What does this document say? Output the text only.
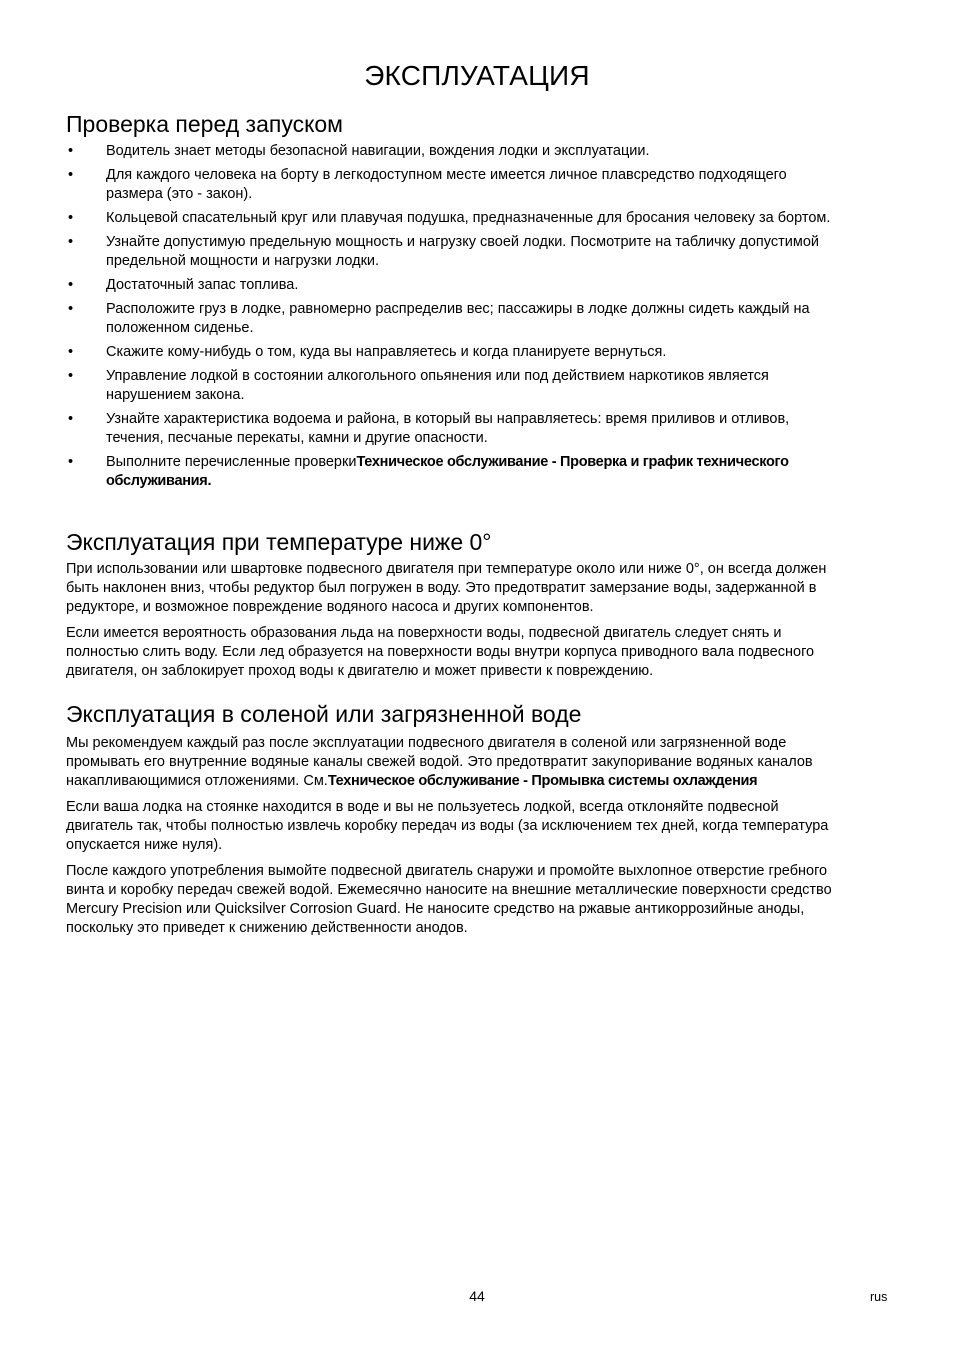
ЭКСПЛУАТАЦИЯ
Проверка перед запуском
• Водитель знает методы безопасной навигации, вождения лодки и эксплуатации.
• Для каждого человека на борту в легкодоступном месте имеется личное плавсредство подходящего размера (это - закон).
• Кольцевой спасательный круг или плавучая подушка, предназначенные для бросания человеку за бортом.
• Узнайте допустимую предельную мощность и нагрузку своей лодки. Посмотрите на табличку допустимой предельной мощности и нагрузки лодки.
• Достаточный запас топлива.
• Расположите груз в лодке, равномерно распределив вес; пассажиры в лодке должны сидеть каждый на положенном сиденье.
• Скажите кому-нибудь о том, куда вы направляетесь и когда планируете вернуться.
• Управление лодкой в состоянии алкогольного опьянения или под действием наркотиков является нарушением закона.
• Узнайте характеристика водоема и района, в который вы направляетесь: время приливов и отливов, течения, песчаные перекаты, камни и другие опасности.
• Выполните перечисленные проверкиТехническое обслуживание - Проверка и график технического обслуживания.
Эксплуатация при температуре ниже 0°

При использовании или швартовке подвесного двигателя при температуре около или ниже 0°, он всегда должен быть наклонен вниз, чтобы редуктор был погружен в воду. Это предотвратит замерзание воды, задержанной в редукторе, и возможное повреждение водяного насоса и других компонентов.

Если имеется вероятность образования льда на поверхности воды, подвесной двигатель следует снять и полностью слить воду. Если лед образуется на поверхности воды внутри корпуса приводного вала подвесного двигателя, он заблокирует проход воды к двигателю и может привести к повреждению.

Эксплуатация в соленой или загрязненной воде

Мы рекомендуем каждый раз после эксплуатации подвесного двигателя в соленой или загрязненной воде промывать его внутренние водяные каналы свежей водой. Это предотвратит закупоривание водяных каналов накапливающимися отложениями. См.Техническое обслуживание - Промывка системы охлаждения

Если ваша лодка на стоянке находится в воде и вы не пользуетесь лодкой, всегда отклоняйте подвесной двигатель так, чтобы полностью извлечь коробку передач из воды (за исключением тех дней, когда температура опускается ниже нуля).

После каждого употребления вымойте подвесной двигатель снаружи и промойте выхлопное отверстие гребного винта и коробку передач свежей водой. Ежемесячно наносите на внешние металлические поверхности средство Mercury Precision или Quicksilver Corrosion Guard. Не наносите средство на ржавые антикоррозийные аноды, поскольку это приведет к снижению действенности анодов.

44	rus
